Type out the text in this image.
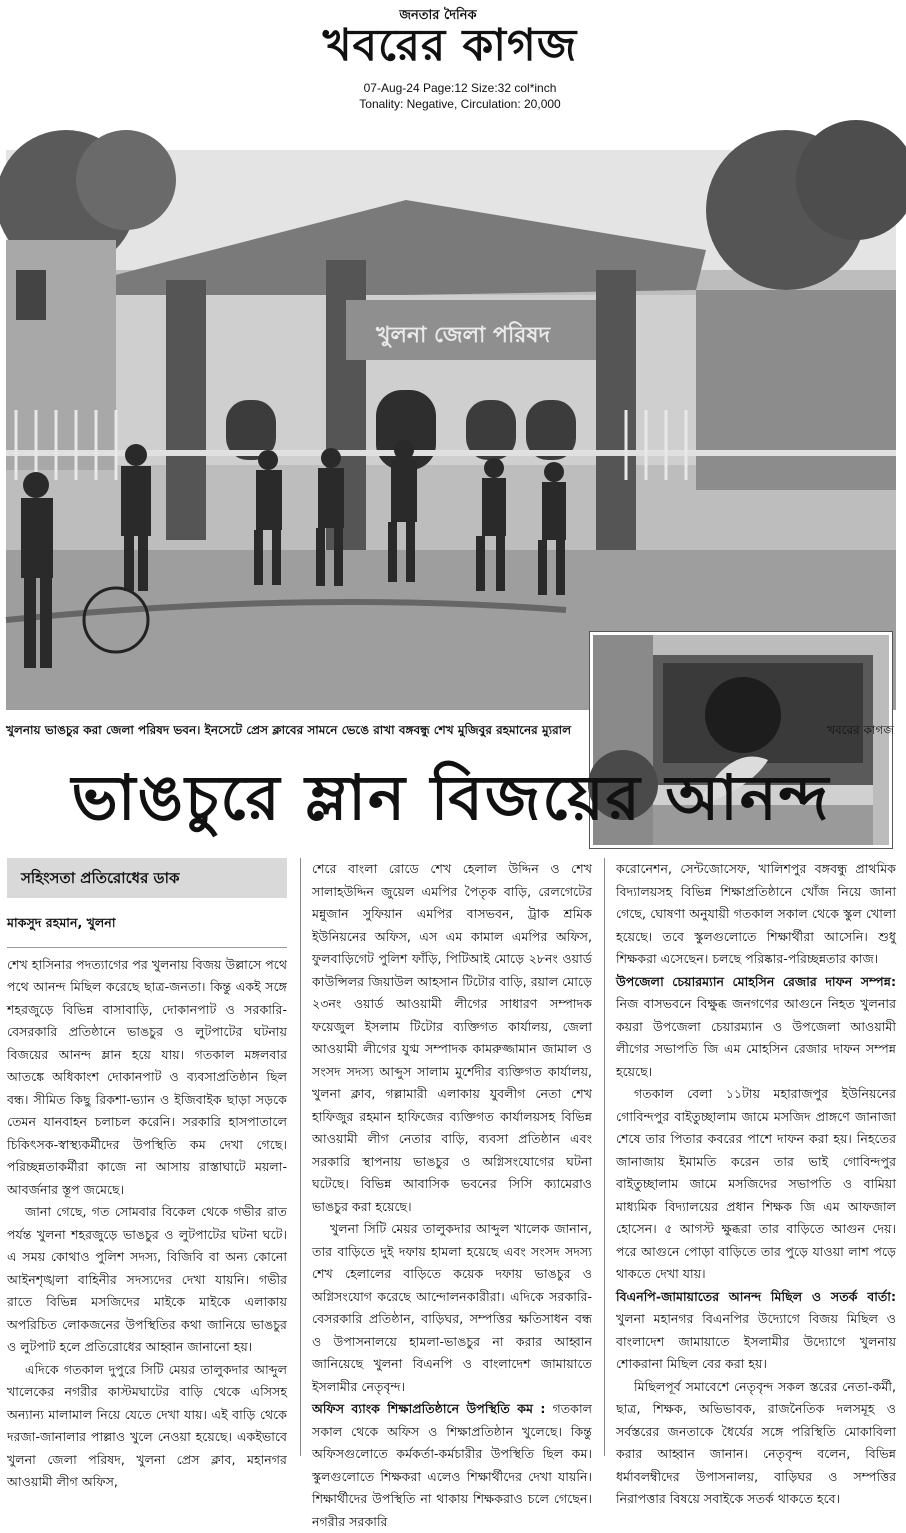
জনতার দৈনিক
খবরের কাগজ
07-Aug-24 Page:12 Size:32 col*inch
Tonality: Negative, Circulation: 20,000
খুলনা জেলা পরিষদ
খুলনায় ভাঙচুর করা জেলা পরিষদ ভবন। ইনসেটে প্রেস ক্লাবের সামনে ভেঙে রাখা বঙ্গবন্ধু শেখ মুজিবুর রহমানের ম্যুরাল	খবরের কাগজ
ভাঙচুরে ম্লান বিজয়ের আনন্দ
সহিংসতা প্রতিরোধের ডাক
মাকসুদ রহমান, খুলনা

শেখ হাসিনার পদত্যাগের পর খুলনায় বিজয় উল্লাসে পথে পথে আনন্দ মিছিল করেছে ছাত্র-জনতা। কিন্তু একই সঙ্গে শহরজুড়ে বিভিন্ন বাসাবাড়ি, দোকানপাট ও সরকারি-বেসরকারি প্রতিষ্ঠানে ভাঙচুর ও লুটপাটের ঘটনায় বিজয়ের আনন্দ ম্লান হয়ে যায়। গতকাল মঙ্গলবার আতঙ্কে অধিকাংশ দোকানপাট ও ব্যবসাপ্রতিষ্ঠান ছিল বন্ধ। সীমিত কিছু রিকশা-ভ্যান ও ইজিবাইক ছাড়া সড়কে তেমন যানবাহন চলাচল করেনি। সরকারি হাসপাতালে চিকিৎসক-স্বাস্থ্যকর্মীদের উপস্থিতি কম দেখা গেছে। পরিচ্ছন্নতাকর্মীরা কাজে না আসায় রাস্তাঘাটে ময়লা-আবর্জনার স্তূপ জমেছে।

জানা গেছে, গত সোমবার বিকেল থেকে গভীর রাত পর্যন্ত খুলনা শহরজুড়ে ভাঙচুর ও লুটপাটের ঘটনা ঘটে। এ সময় কোথাও পুলিশ সদস্য, বিজিবি বা অন্য কোনো আইনশৃঙ্খলা বাহিনীর সদস্যদের দেখা যায়নি। গভীর রাতে বিভিন্ন মসজিদের মাইকে মাইকে এলাকায় অপরিচিত লোকজনের উপস্থিতির কথা জানিয়ে ভাঙচুর ও লুটপাট হলে প্রতিরোধের আহ্বান জানানো হয়।

এদিকে গতকাল দুপুরে সিটি মেয়র তালুকদার আব্দুল খালেকের নগরীর কাস্টমঘাটের বাড়ি থেকে এসিসহ অন্যান্য মালামাল নিয়ে যেতে দেখা যায়। এই বাড়ি থেকে দরজা-জানালার পাল্লাও খুলে নেওয়া হয়েছে। একইভাবে খুলনা জেলা পরিষদ, খুলনা প্রেস ক্লাব, মহানগর আওয়ামী লীগ অফিস,

শেরে বাংলা রোডে শেখ হেলাল উদ্দিন ও শেখ সালাহউদ্দিন জুয়েল এমপির পৈতৃক বাড়ি, রেলগেটের মন্নুজান সুফিয়ান এমপির বাসভবন, ট্রাক শ্রমিক ইউনিয়নের অফিস, এস এম কামাল এমপির অফিস, ফুলবাড়িগেট পুলিশ ফাঁড়ি, পিটিআই মোড়ে ২৮নং ওয়ার্ড কাউন্সিলর জিয়াউল আহসান টিটোর বাড়ি, রয়াল মোড়ে ২৩নং ওয়ার্ড আওয়ামী লীগের সাধারণ সম্পাদক ফয়েজুল ইসলাম টিটোর ব্যক্তিগত কার্যালয়, জেলা আওয়ামী লীগের যুগ্ম সম্পাদক কামরুজ্জামান জামাল ও সংসদ সদস্য আব্দুস সালাম মুর্শেদীর ব্যক্তিগত কার্যালয়, খুলনা ক্লাব, গল্লামারী এলাকায় যুবলীগ নেতা শেখ হাফিজুর রহমান হাফিজের ব্যক্তিগত কার্যালয়সহ বিভিন্ন আওয়ামী লীগ নেতার বাড়ি, ব্যবসা প্রতিষ্ঠান এবং সরকারি স্থাপনায় ভাঙচুর ও অগ্নিসংযোগের ঘটনা ঘটেছে। বিভিন্ন আবাসিক ভবনের সিসি ক্যামেরাও ভাঙচুর করা হয়েছে।

খুলনা সিটি মেয়র তালুকদার আব্দুল খালেক জানান, তার বাড়িতে দুই দফায় হামলা হয়েছে এবং সংসদ সদস্য শেখ হেলালের বাড়িতে কয়েক দফায় ভাঙচুর ও অগ্নিসংযোগ করেছে আন্দোলনকারীরা। এদিকে সরকারি-বেসরকারি প্রতিষ্ঠান, বাড়িঘর, সম্পত্তির ক্ষতিসাধন বন্ধ ও উপাসনালয়ে হামলা-ভাঙচুর না করার আহ্বান জানিয়েছে খুলনা বিএনপি ও বাংলাদেশ জামায়াতে ইসলামীর নেতৃবৃন্দ।

অফিস ব্যাংক শিক্ষাপ্রতিষ্ঠানে উপস্থিতি কম : গতকাল সকাল থেকে অফিস ও শিক্ষাপ্রতিষ্ঠান খুলেছে। কিন্তু অফিসগুলোতে কর্মকর্তা-কর্মচারীর উপস্থিতি ছিল কম। স্কুলগুলোতে শিক্ষকরা এলেও শিক্ষার্থীদের দেখা যায়নি। শিক্ষার্থীদের উপস্থিতি না থাকায় শিক্ষকরাও চলে গেছেন। নগরীর সরকারি

করোনেশন, সেন্টজোসেফ, খালিশপুর বঙ্গবন্ধু প্রাথমিক বিদ্যালয়সহ বিভিন্ন শিক্ষাপ্রতিষ্ঠানে খোঁজ নিয়ে জানা গেছে, ঘোষণা অনুযায়ী গতকাল সকাল থেকে স্কুল খোলা হয়েছে। তবে স্কুলগুলোতে শিক্ষার্থীরা আসেনি। শুধু শিক্ষকরা এসেছেন। চলছে পরিষ্কার-পরিচ্ছন্নতার কাজ।

উপজেলা চেয়ারম্যান মোহসিন রেজার দাফন সম্পন্ন: নিজ বাসভবনে বিক্ষুব্ধ জনগণের আগুনে নিহত খুলনার কয়রা উপজেলা চেয়ারম্যান ও উপজেলা আওয়ামী লীগের সভাপতি জি এম মোহসিন রেজার দাফন সম্পন্ন হয়েছে।

গতকাল বেলা ১১টায় মহারাজপুর ইউনিয়নের গোবিন্দপুর বাইতুচ্ছালাম জামে মসজিদ প্রাঙ্গণে জানাজা শেষে তার পিতার কবরের পাশে দাফন করা হয়। নিহতের জানাজায় ইমামতি করেন তার ভাই গোবিন্দপুর বাইতুচ্ছালাম জামে মসজিদের সভাপতি ও বামিয়া মাধ্যমিক বিদ্যালয়ের প্রধান শিক্ষক জি এম আফজাল হোসেন। ৫ আগস্ট ক্ষুব্ধরা তার বাড়িতে আগুন দেয়। পরে আগুনে পোড়া বাড়িতে তার পুড়ে যাওয়া লাশ পড়ে থাকতে দেখা যায়।

বিএনপি-জামায়াতের আনন্দ মিছিল ও সতর্ক বার্তা: খুলনা মহানগর বিএনপির উদ্যোগে বিজয় মিছিল ও বাংলাদেশ জামায়াতে ইসলামীর উদ্যোগে খুলনায় শোকরানা মিছিল বের করা হয়।

মিছিলপূর্ব সমাবেশে নেতৃবৃন্দ সকল স্তরের নেতা-কর্মী, ছাত্র, শিক্ষক, অভিভাবক, রাজনৈতিক দলসমূহ ও সর্বস্তরের জনতাকে ধৈর্যের সঙ্গে পরিস্থিতি মোকাবিলা করার আহ্বান জানান। নেতৃবৃন্দ বলেন, বিভিন্ন ধর্মাবলম্বীদের উপাসনালয়, বাড়িঘর ও সম্পত্তির নিরাপত্তার বিষয়ে সবাইকে সতর্ক থাকতে হবে।
